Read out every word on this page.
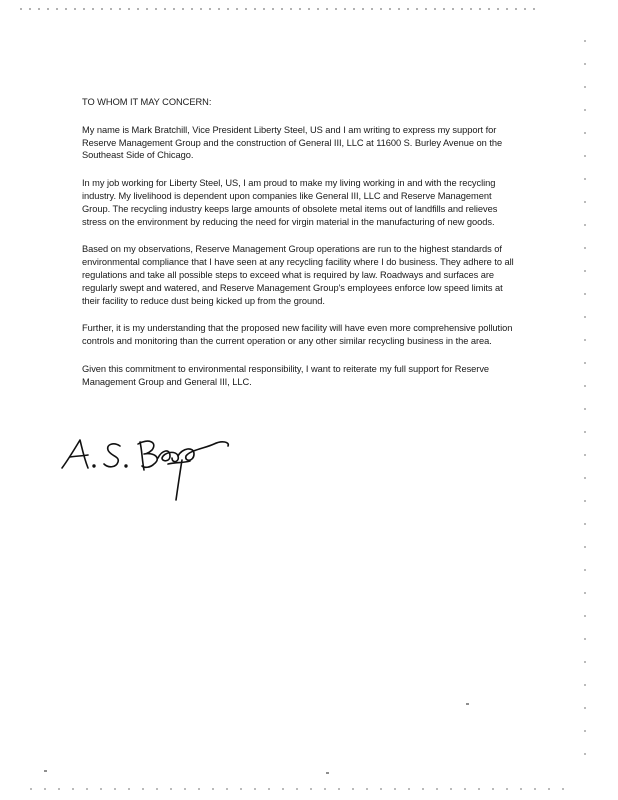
TO WHOM IT MAY CONCERN:

My name is Mark Bratchill, Vice President Liberty Steel, US and I am writing to express my support for Reserve Management Group and the construction of General III, LLC at 11600 S. Burley Avenue on the Southeast Side of Chicago.

In my job working for Liberty Steel, US, I am proud to make my living working in and with the recycling industry. My livelihood is dependent upon companies like General III, LLC and Reserve Management Group. The recycling industry keeps large amounts of obsolete metal items out of landfills and relieves stress on the environment by reducing the need for virgin material in the manufacturing of new goods.

Based on my observations, Reserve Management Group operations are run to the highest standards of environmental compliance that I have seen at any recycling facility where I do business. They adhere to all regulations and take all possible steps to exceed what is required by law. Roadways and surfaces are regularly swept and watered, and Reserve Management Group's employees enforce low speed limits at their facility to reduce dust being kicked up from the ground.

Further, it is my understanding that the proposed new facility will have even more comprehensive pollution controls and monitoring than the current operation or any other similar recycling business in the area.

Given this commitment to environmental responsibility, I want to reiterate my full support for Reserve Management Group and General III, LLC.
